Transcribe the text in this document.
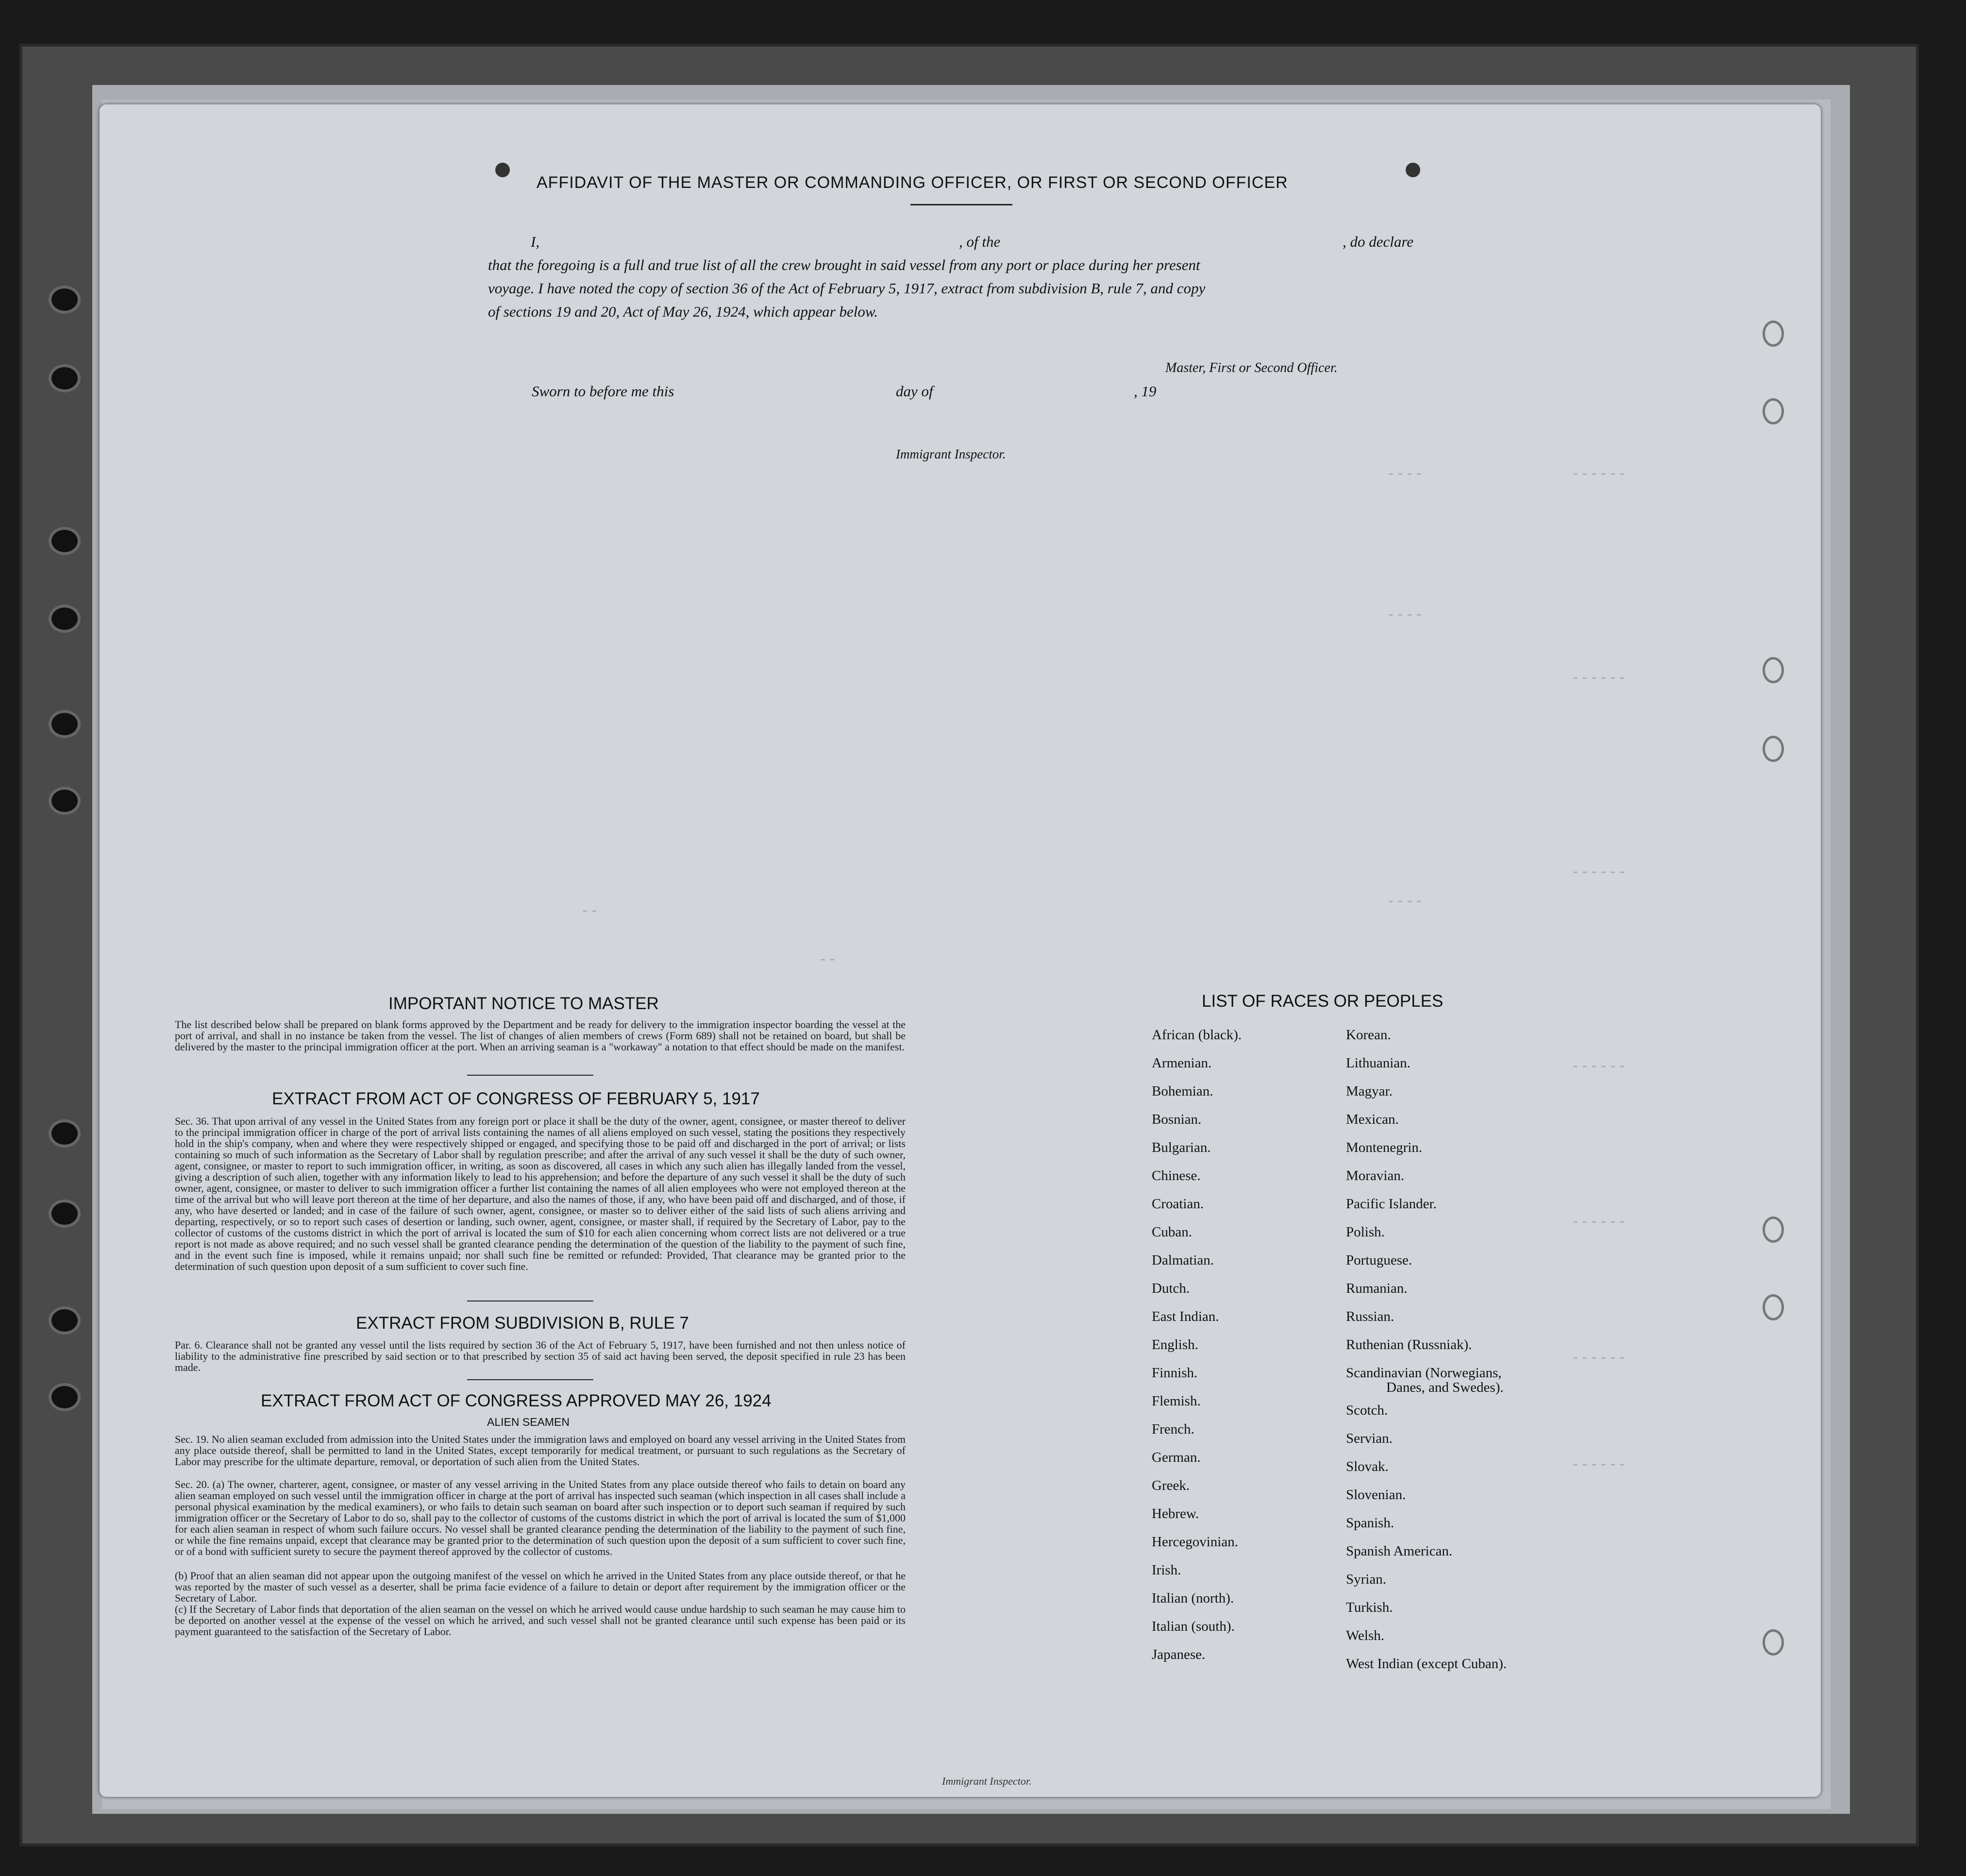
----	------
----
------
------
----
------
------
------
------
--
--
AFFIDAVIT OF THE MASTER OR COMMANDING OFFICER, OR FIRST OR SECOND OFFICER
I,	, of the	, do declare
that the foregoing is a full and true list of all the crew brought in said vessel from any port or place during her present
voyage. I have noted the copy of section 36 of the Act of February 5, 1917, extract from subdivision B, rule 7, and copy
of sections 19 and 20, Act of May 26, 1924, which appear below.
Master, First or Second Officer.
Sworn to before me this	day of	, 19
Immigrant Inspector.
IMPORTANT NOTICE TO MASTER
The list described below shall be prepared on blank forms approved by the Department and be ready for delivery to the immigration inspector boarding the vessel at the port of arrival, and shall in no instance be taken from the vessel. The list of changes of alien members of crews (Form 689) shall not be retained on board, but shall be delivered by the master to the principal immigration officer at the port. When an arriving seaman is a "workaway" a notation to that effect should be made on the manifest.
EXTRACT FROM ACT OF CONGRESS OF FEBRUARY 5, 1917
Sec. 36. That upon arrival of any vessel in the United States from any foreign port or place it shall be the duty of the owner, agent, consignee, or master thereof to deliver to the principal immigration officer in charge of the port of arrival lists containing the names of all aliens employed on such vessel, stating the positions they respectively hold in the ship's company, when and where they were respectively shipped or engaged, and specifying those to be paid off and discharged in the port of arrival; or lists containing so much of such information as the Secretary of Labor shall by regulation prescribe; and after the arrival of any such vessel it shall be the duty of such owner, agent, consignee, or master to report to such immigration officer, in writing, as soon as discovered, all cases in which any such alien has illegally landed from the vessel, giving a description of such alien, together with any information likely to lead to his apprehension; and before the departure of any such vessel it shall be the duty of such owner, agent, consignee, or master to deliver to such immigration officer a further list containing the names of all alien employees who were not employed thereon at the time of the arrival but who will leave port thereon at the time of her departure, and also the names of those, if any, who have been paid off and discharged, and of those, if any, who have deserted or landed; and in case of the failure of such owner, agent, consignee, or master so to deliver either of the said lists of such aliens arriving and departing, respectively, or so to report such cases of desertion or landing, such owner, agent, consignee, or master shall, if required by the Secretary of Labor, pay to the collector of customs of the customs district in which the port of arrival is located the sum of $10 for each alien concerning whom correct lists are not delivered or a true report is not made as above required; and no such vessel shall be granted clearance pending the determination of the question of the liability to the payment of such fine, and in the event such fine is imposed, while it remains unpaid; nor shall such fine be remitted or refunded: Provided, That clearance may be granted prior to the determination of such question upon deposit of a sum sufficient to cover such fine.
EXTRACT FROM SUBDIVISION B, RULE 7
Par. 6. Clearance shall not be granted any vessel until the lists required by section 36 of the Act of February 5, 1917, have been furnished and not then unless notice of liability to the administrative fine prescribed by said section or to that prescribed by section 35 of said act having been served, the deposit specified in rule 23 has been made.
EXTRACT FROM ACT OF CONGRESS APPROVED MAY 26, 1924
ALIEN SEAMEN
Sec. 19. No alien seaman excluded from admission into the United States under the immigration laws and employed on board any vessel arriving in the United States from any place outside thereof, shall be permitted to land in the United States, except temporarily for medical treatment, or pursuant to such regulations as the Secretary of Labor may prescribe for the ultimate departure, removal, or deportation of such alien from the United States.
Sec. 20. (a) The owner, charterer, agent, consignee, or master of any vessel arriving in the United States from any place outside thereof who fails to detain on board any alien seaman employed on such vessel until the immigration officer in charge at the port of arrival has inspected such seaman (which inspection in all cases shall include a personal physical examination by the medical examiners), or who fails to detain such seaman on board after such inspection or to deport such seaman if required by such immigration officer or the Secretary of Labor to do so, shall pay to the collector of customs of the customs district in which the port of arrival is located the sum of $1,000 for each alien seaman in respect of whom such failure occurs. No vessel shall be granted clearance pending the determination of the liability to the payment of such fine, or while the fine remains unpaid, except that clearance may be granted prior to the determination of such question upon the deposit of a sum sufficient to cover such fine, or of a bond with sufficient surety to secure the payment thereof approved by the collector of customs.
(b) Proof that an alien seaman did not appear upon the outgoing manifest of the vessel on which he arrived in the United States from any place outside thereof, or that he was reported by the master of such vessel as a deserter, shall be prima facie evidence of a failure to detain or deport after requirement by the immigration officer or the Secretary of Labor.
(c) If the Secretary of Labor finds that deportation of the alien seaman on the vessel on which he arrived would cause undue hardship to such seaman he may cause him to be deported on another vessel at the expense of the vessel on which he arrived, and such vessel shall not be granted clearance until such expense has been paid or its payment guaranteed to the satisfaction of the Secretary of Labor.
LIST OF RACES OR PEOPLES
African (black).
Armenian.
Bohemian.
Bosnian.
Bulgarian.
Chinese.
Croatian.
Cuban.
Dalmatian.
Dutch.
East Indian.
English.
Finnish.
Flemish.
French.
German.
Greek.
Hebrew.
Hercegovinian.
Irish.
Italian (north).
Italian (south).
Japanese.
Korean.
Lithuanian.
Magyar.
Mexican.
Montenegrin.
Moravian.
Pacific Islander.
Polish.
Portuguese.
Rumanian.
Russian.
Ruthenian (Russniak).
Scandinavian (Norwegians,
Danes, and Swedes).
Scotch.
Servian.
Slovak.
Slovenian.
Spanish.
Spanish American.
Syrian.
Turkish.
Welsh.
West Indian (except Cuban).
Immigrant Inspector.
